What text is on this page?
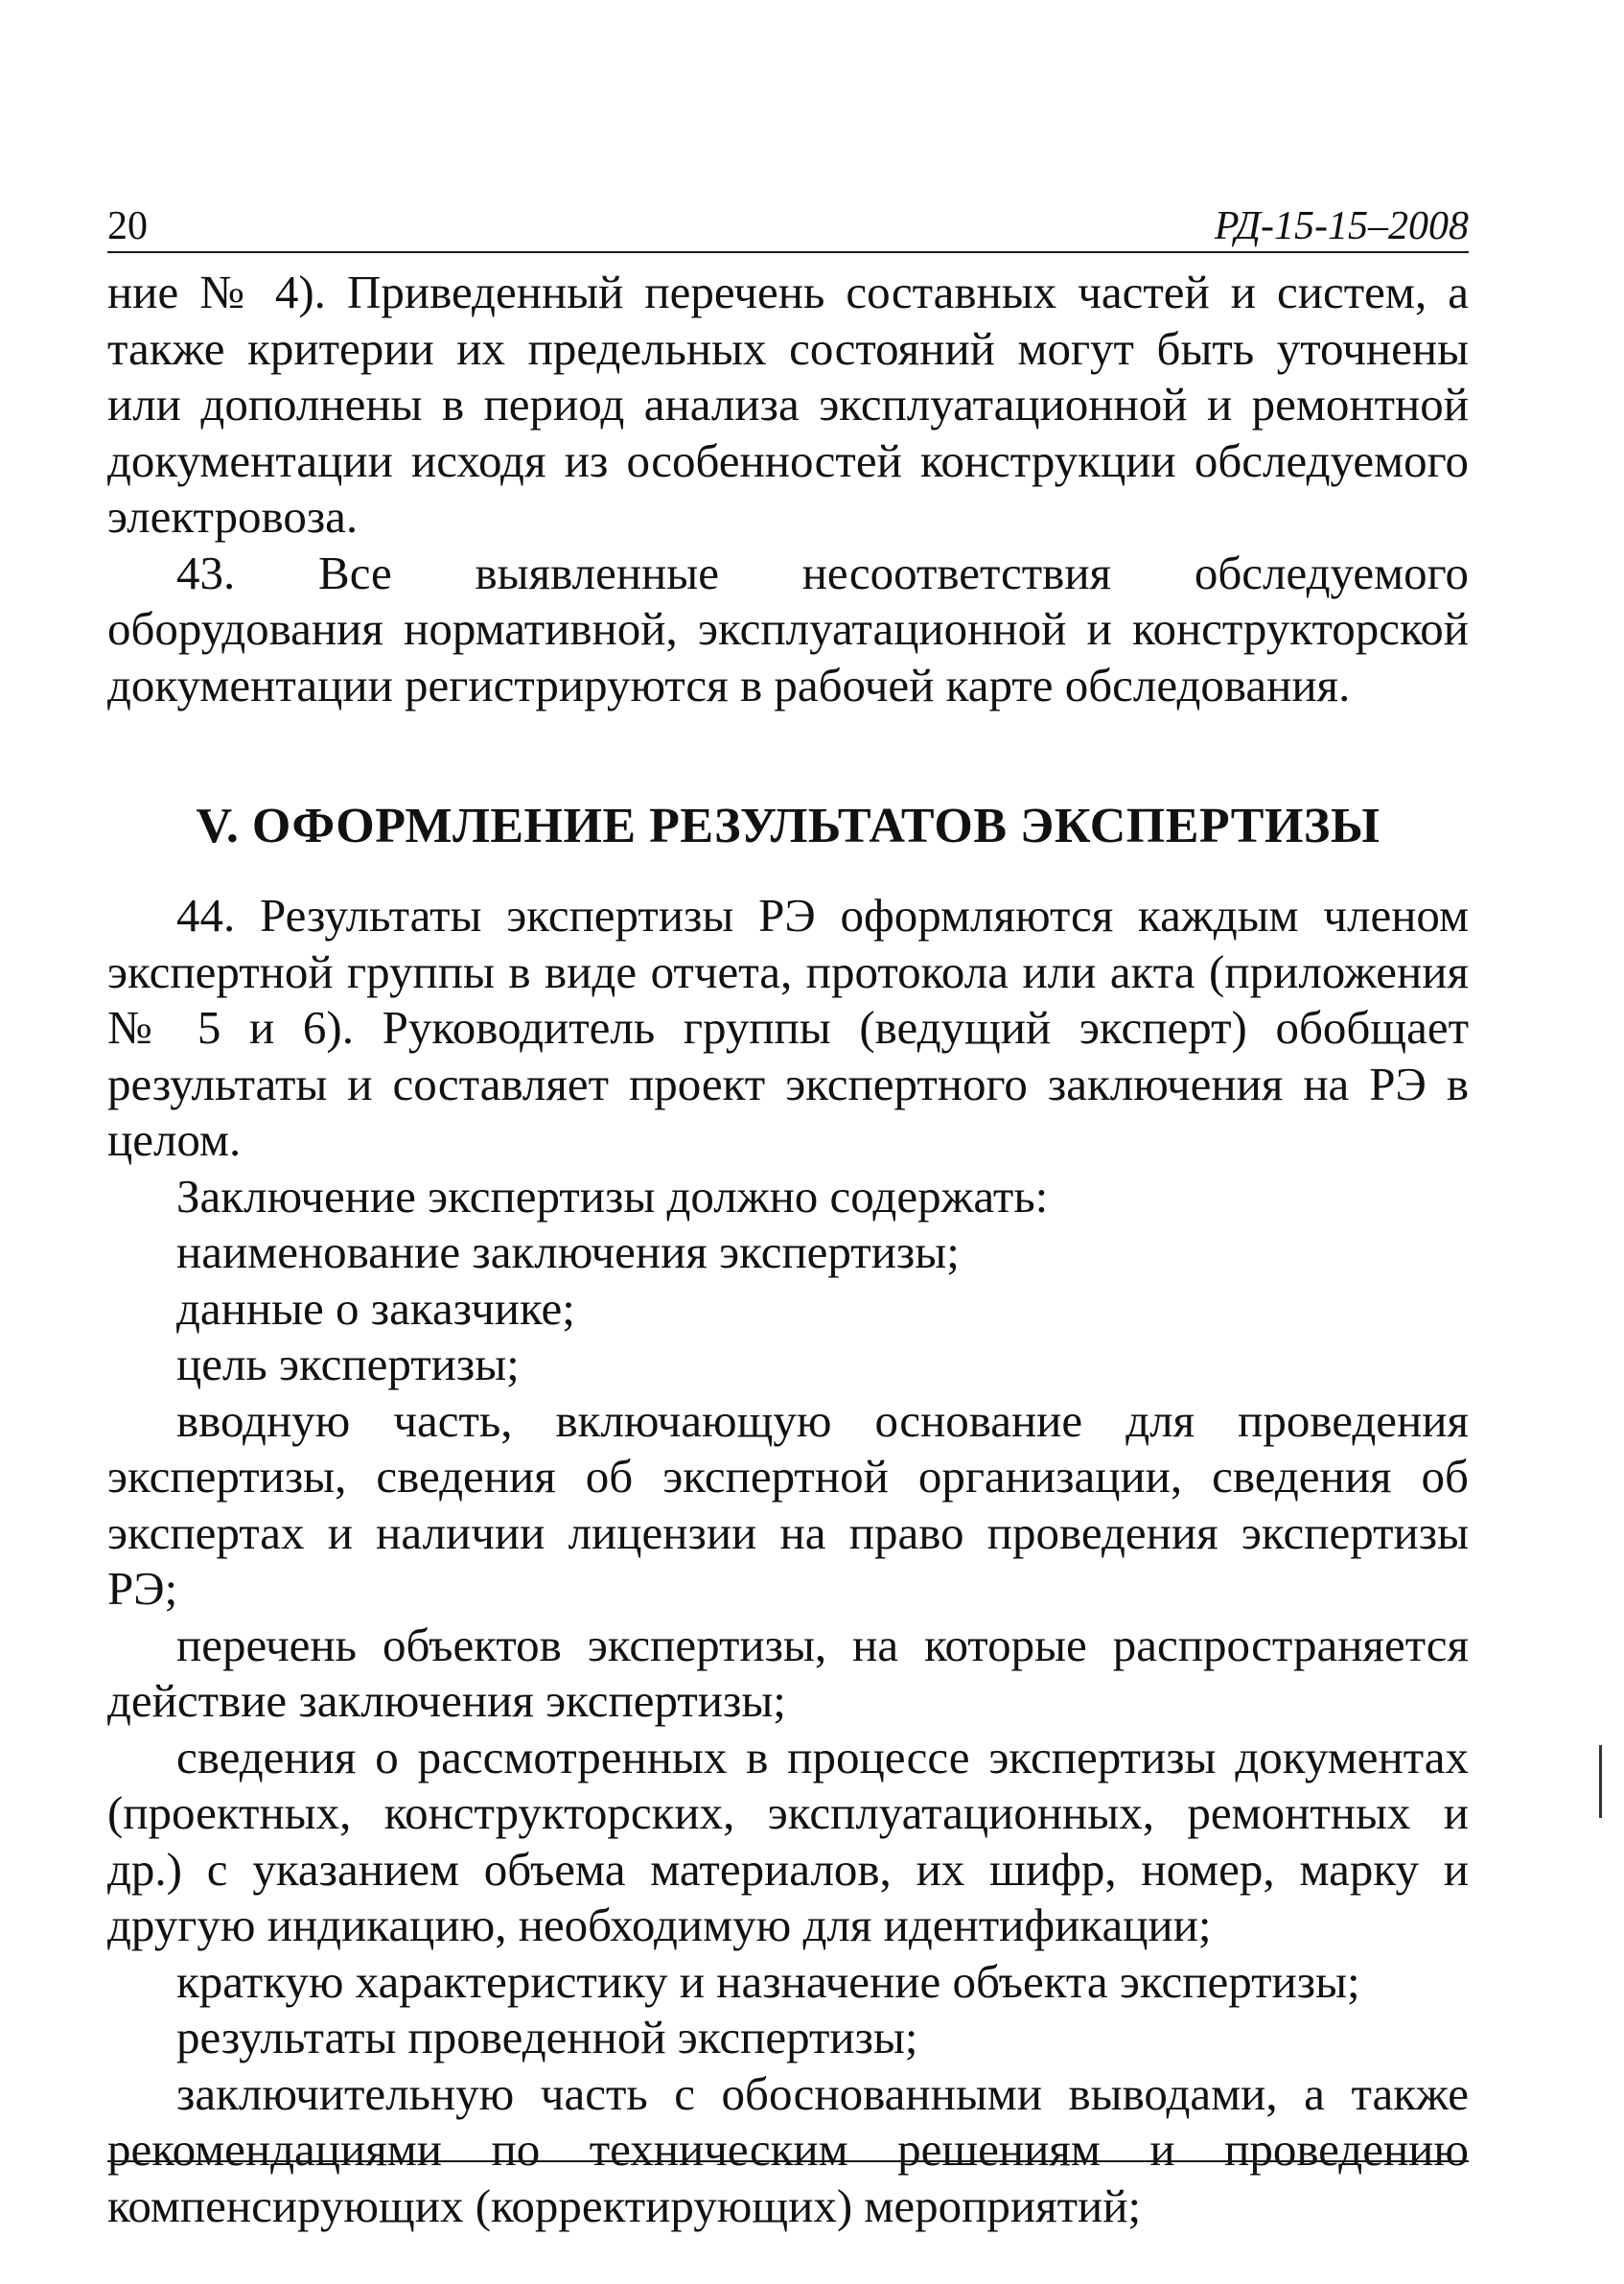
20	РД-15-15–2008

ние № 4). Приведенный перечень составных частей и систем, а также критерии их предельных состояний могут быть уточнены или дополнены в период анализа эксплуатационной и ремонтной документации исходя из особенностей конструкции обследуемого электровоза.

43. Все выявленные несоответствия обследуемого оборудования нормативной, эксплуатационной и конструкторской документации регистрируются в рабочей карте обследования.

V. ОФОРМЛЕНИЕ РЕЗУЛЬТАТОВ ЭКСПЕРТИЗЫ

44. Результаты экспертизы РЭ оформляются каждым членом экспертной группы в виде отчета, протокола или акта (приложения № 5 и 6). Руководитель группы (ведущий эксперт) обобщает результаты и составляет проект экспертного заключения на РЭ в целом.

Заключение экспертизы должно содержать:

наименование заключения экспертизы;

данные о заказчике;

цель экспертизы;

вводную часть, включающую основание для проведения экспертизы, сведения об экспертной организации, сведения об экспертах и наличии лицензии на право проведения экспертизы РЭ;

перечень объектов экспертизы, на которые распространяется действие заключения экспертизы;

сведения о рассмотренных в процессе экспертизы документах (проектных, конструкторских, эксплуатационных, ремонтных и др.) с указанием объема материалов, их шифр, номер, марку и другую индикацию, необходимую для идентификации;

краткую характеристику и назначение объекта экспертизы;

результаты проведенной экспертизы;

заключительную часть с обоснованными выводами, а также рекомендациями по техническим решениям и проведению компенсирующих (корректирующих) мероприятий;
